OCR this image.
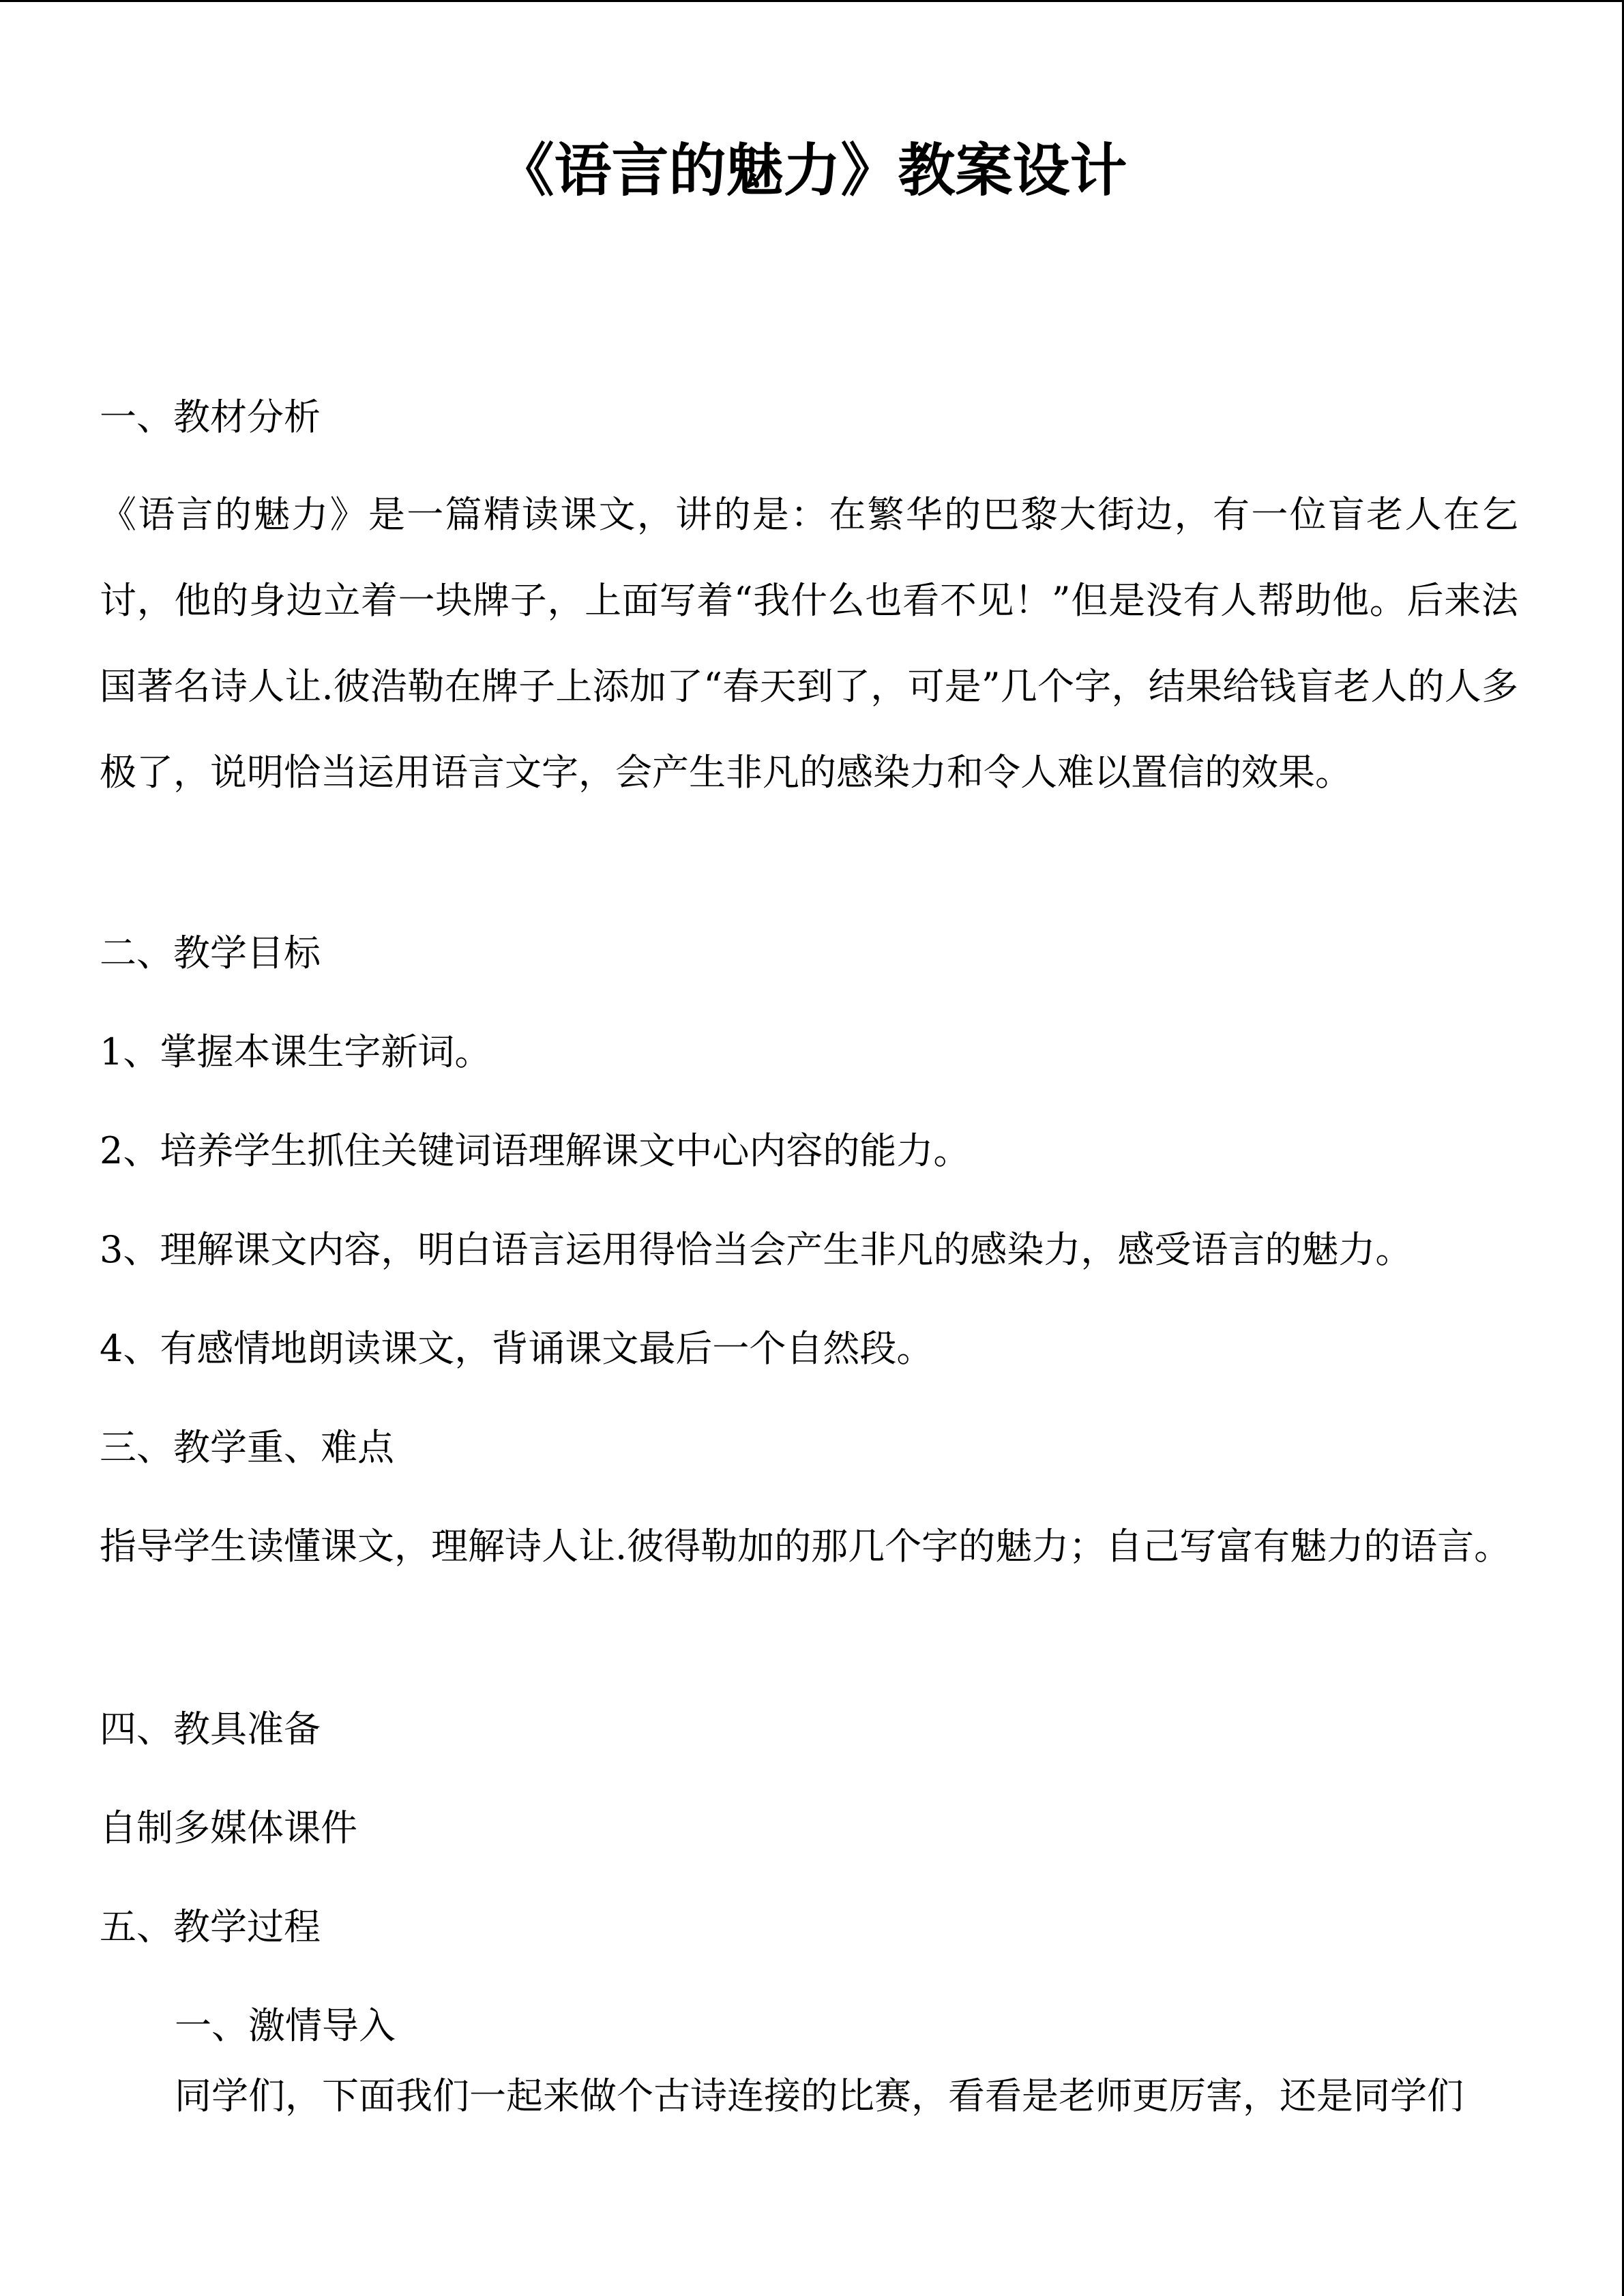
《语言的魅力》教案设计

一、教材分析

《语言的魅力》是一篇精读课文，讲的是：在繁华的巴黎大街边，有一位盲老人在乞讨，他的身边立着一块牌子，上面写着“我什么也看不见！”但是没有人帮助他。后来法国著名诗人让.彼浩勒在牌子上添加了“春天到了，可是”几个字，结果给钱盲老人的人多极了，说明恰当运用语言文字，会产生非凡的感染力和令人难以置信的效果。

二、教学目标

1、掌握本课生字新词。

2、培养学生抓住关键词语理解课文中心内容的能力。

3、理解课文内容，明白语言运用得恰当会产生非凡的感染力，感受语言的魅力。

4、有感情地朗读课文，背诵课文最后一个自然段。

三、教学重、难点

指导学生读懂课文，理解诗人让.彼得勒加的那几个字的魅力；自己写富有魅力的语言。

四、教具准备

自制多媒体课件

五、教学过程

一、激情导入

同学们，下面我们一起来做个古诗连接的比赛，看看是老师更厉害，还是同学们
